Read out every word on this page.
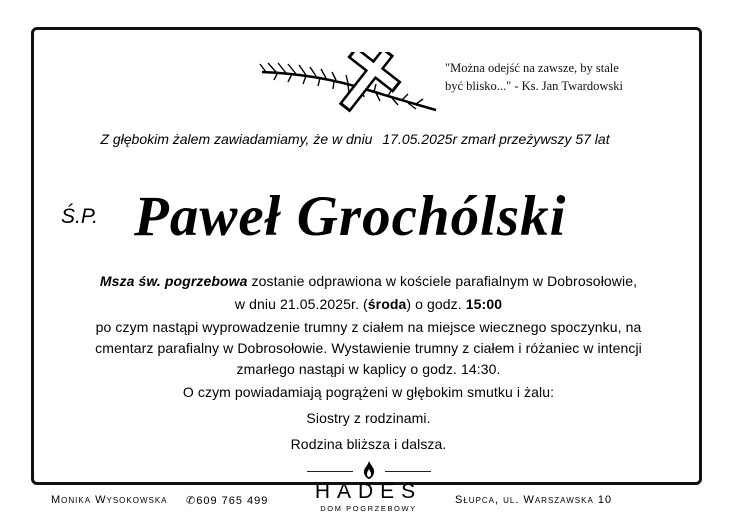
"Można odejść na zawsze, by stale
być blisko..." - Ks. Jan Twardowski
Z głębokim żalem zawiadamiamy, że w dniu 17.05.2025r zmarł przeżywszy 57 lat
Ś.P. Paweł Grochólski
Msza św. pogrzebowa zostanie odprawiona w kościele parafialnym w Dobrosołowie,
w dniu 21.05.2025r. (środa) o godz. 15:00
po czym nastąpi wyprowadzenie trumny z ciałem na miejsce wiecznego spoczynku, na
cmentarz parafialny w Dobrosołowie. Wystawienie trumny z ciałem i różaniec w intencji
zmarłego nastąpi w kaplicy o godz. 14:30.
O czym powiadamiają pogrążeni w głębokim smutku i żalu:
Siostry z rodzinami.
Rodzina bliższa i dalsza.
HADES
DOM POGRZEBOWY
Monika Wysokowska ✆609 765 499	Słupca, ul. Warszawska 10
